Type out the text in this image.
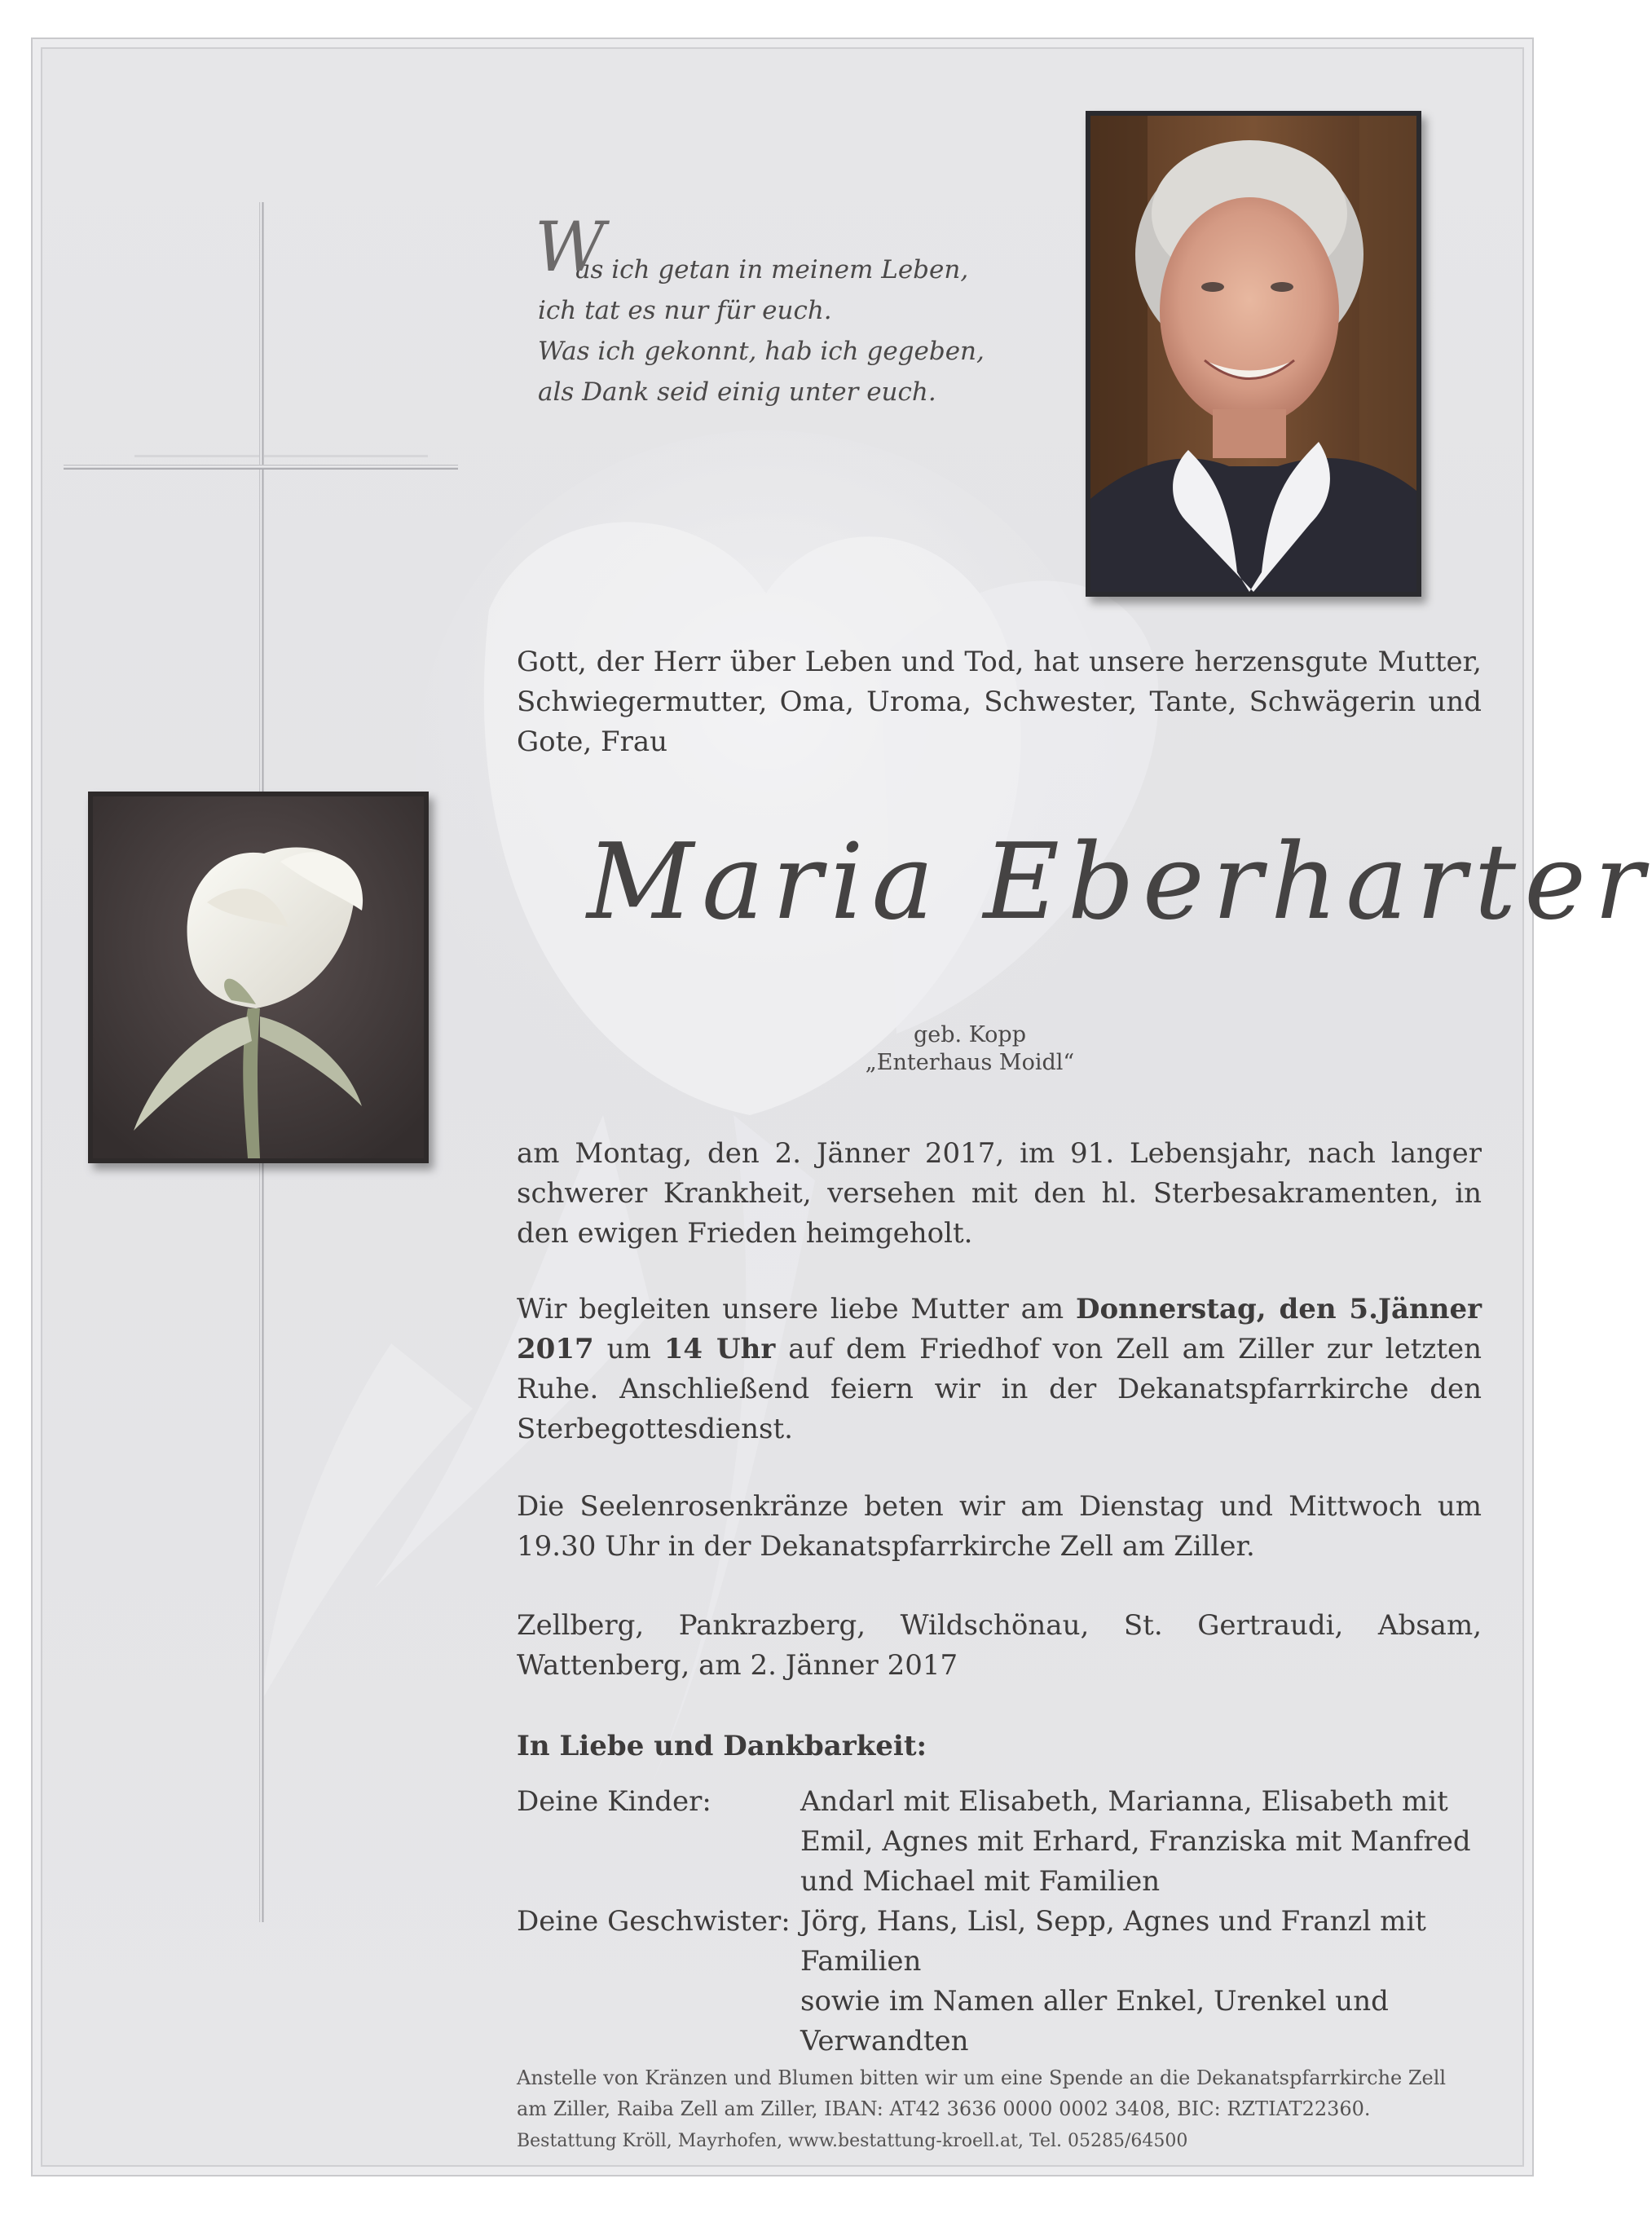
W
as ich getan in meinem Leben,
ich tat es nur für euch.
Was ich gekonnt, hab ich gegeben,
als Dank seid einig unter euch.
Gott, der Herr über Leben und Tod, hat unsere herzensgute Mutter, Schwiegermutter, Oma, Uroma, Schwester, Tante, Schwägerin und Gote, Frau
Maria Eberharter
geb. Kopp
„Enterhaus Moidl“
am Montag, den 2. Jänner 2017, im 91. Lebensjahr, nach langer schwerer Krankheit, versehen mit den hl. Sterbesakramenten, in den ewigen Frieden heimgeholt.
Wir begleiten unsere liebe Mutter am Donnerstag, den 5.Jänner 2017 um 14 Uhr auf dem Friedhof von Zell am Ziller zur letzten Ruhe. Anschließend feiern wir in der Dekanatspfarrkirche den Sterbegottesdienst.
Die Seelenrosenkränze beten wir am Dienstag und Mittwoch um 19.30 Uhr in der Dekanatspfarrkirche Zell am Ziller.
Zellberg, Pankrazberg, Wildschönau, St. Gertraudi, Absam, Wattenberg, am 2. Jänner 2017
In Liebe und Dankbarkeit:
Deine Kinder:	Andarl mit Elisabeth, Marianna, Elisabeth mit Emil, Agnes mit Erhard, Franziska mit Manfred und Michael mit Familien
Deine Geschwister: Jörg, Hans, Lisl, Sepp, Agnes und Franzl mit Familien
sowie im Namen aller Enkel, Urenkel und Verwandten
Anstelle von Kränzen und Blumen bitten wir um eine Spende an die Dekanatspfarrkirche Zell am Ziller, Raiba Zell am Ziller, IBAN: AT42 3636 0000 0002 3408, BIC: RZTIAT22360.
Bestattung Kröll, Mayrhofen, www.bestattung-kroell.at, Tel. 05285/64500
